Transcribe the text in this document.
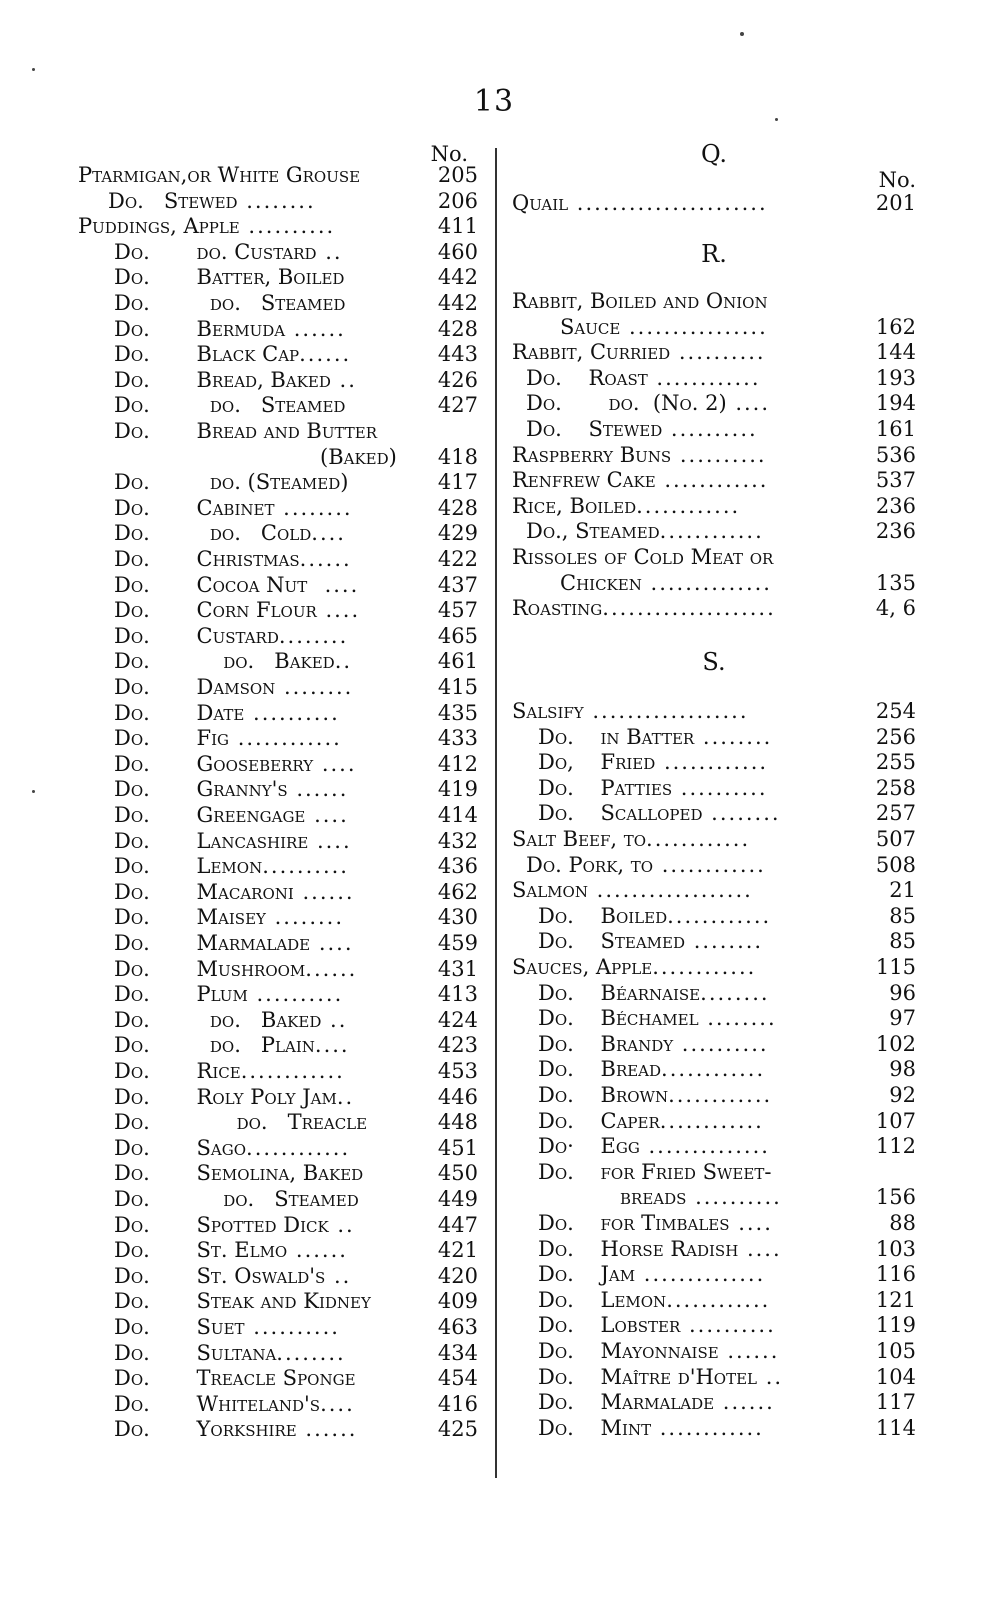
13
No.
Ptarmigan,or White Grouse	205
Do.   Stewed ........	206
Puddings, Apple ..........	411
Do.       do. Custard ..	460
Do.       Batter, Boiled	442
Do.         do.   Steamed	442
Do.       Bermuda ......	428
Do.       Black Cap......	443
Do.       Bread, Baked ..	426
Do.         do.   Steamed	427
Do.       Bread and Butter
(Baked)	418
Do.         do. (Steamed)	417
Do.       Cabinet ........	428
Do.         do.   Cold....	429
Do.       Christmas......	422
Do.       Cocoa Nut  ....	437
Do.       Corn Flour ....	457
Do.       Custard........	465
Do.           do.   Baked..	461
Do.       Damson ........	415
Do.       Date ..........	435
Do.       Fig ............	433
Do.       Gooseberry ....	412
Do.       Granny's ......	419
Do.       Greengage ....	414
Do.       Lancashire ....	432
Do.       Lemon..........	436
Do.       Macaroni ......	462
Do.       Maisey ........	430
Do.       Marmalade ....	459
Do.       Mushroom......	431
Do.       Plum ..........	413
Do.         do.   Baked ..	424
Do.         do.   Plain....	423
Do.       Rice............	453
Do.       Roly Poly Jam..	446
Do.             do.   Treacle	448
Do.       Sago............	451
Do.       Semolina, Baked	450
Do.           do.   Steamed	449
Do.       Spotted Dick ..	447
Do.       St. Elmo ......	421
Do.       St. Oswald's ..	420
Do.       Steak and Kidney	409
Do.       Suet ..........	463
Do.       Sultana........	434
Do.       Treacle Sponge	454
Do.       Whiteland's....	416
Do.       Yorkshire ......	425
Q.
No.
Quail ......................	201
R.
Rabbit, Boiled and Onion
Sauce ................	162
Rabbit, Curried ..........	144
Do.    Roast ............	193
Do.       do.  (No. 2) ....	194
Do.    Stewed ..........	161
Raspberry Buns ..........	536
Renfrew Cake ............	537
Rice, Boiled............	236
Do., Steamed............	236
Rissoles of Cold Meat or
Chicken ..............	135
Roasting....................	4, 6
S.
Salsify ..................	254
Do.    in Batter ........	256
Do,    Fried ............	255
Do.    Patties ..........	258
Do.    Scalloped ........	257
Salt Beef, to............	507
Do. Pork, to ............	508
Salmon ..................	21
Do.    Boiled............	85
Do.    Steamed ........	85
Sauces, Apple............	115
Do.    Béarnaise........	96
Do.    Béchamel ........	97
Do.    Brandy ..........	102
Do.    Bread............	98
Do.    Brown............	92
Do.    Caper............	107
Do·    Egg ..............	112
Do.    for Fried Sweet-
breads ..........	156
Do.    for Timbales ....	88
Do.    Horse Radish ....	103
Do.    Jam ..............	116
Do.    Lemon............	121
Do.    Lobster ..........	119
Do.    Mayonnaise ......	105
Do.    Maître d'Hotel ..	104
Do.    Marmalade ......	117
Do.    Mint ............	114
